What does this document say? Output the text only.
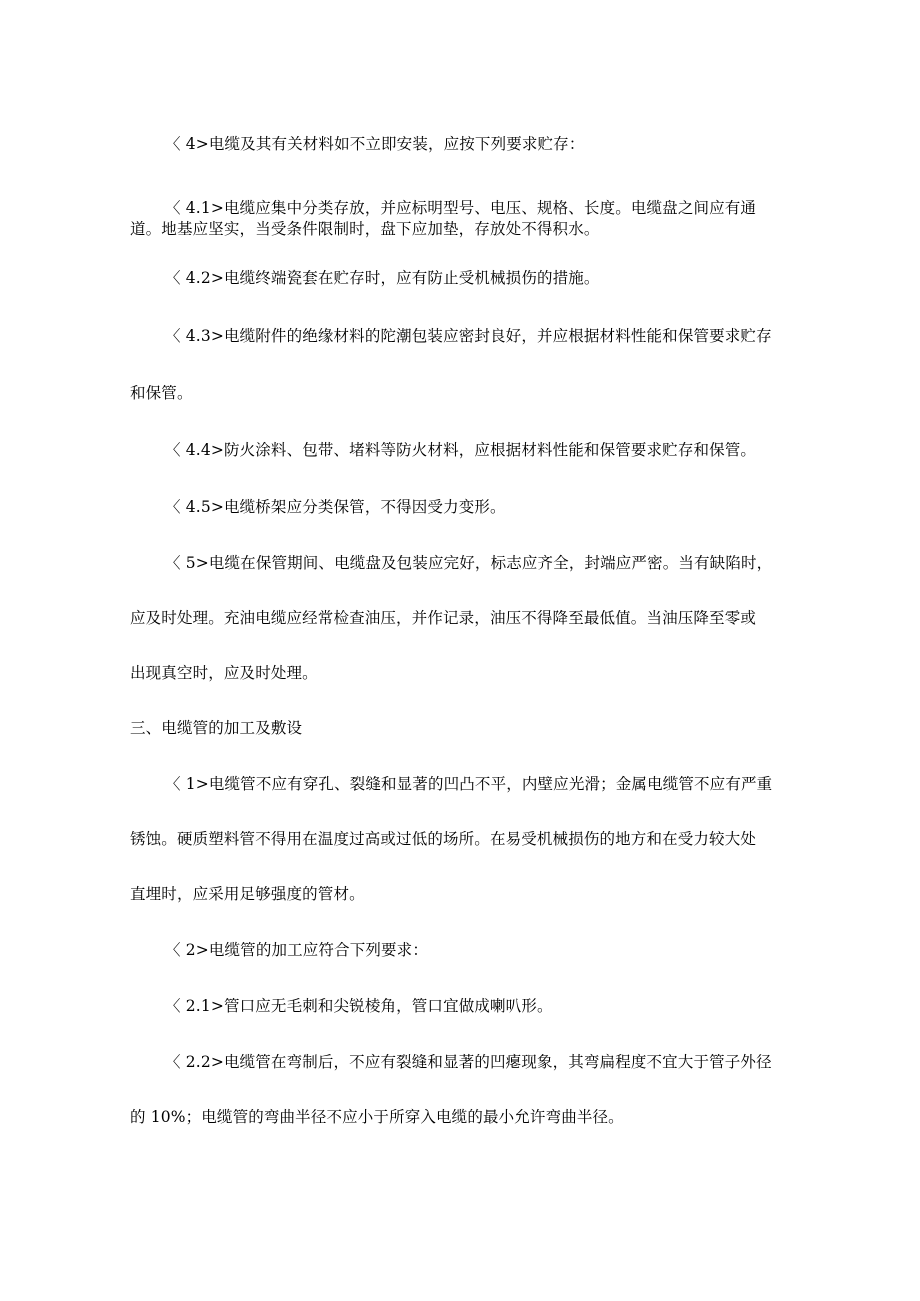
〈 4>电缆及其有关材料如不立即安装，应按下列要求贮存：
〈 4.1>电缆应集中分类存放，并应标明型号、电压、规格、长度。电缆盘之间应有通
道。地基应坚实，当受条件限制时，盘下应加垫，存放处不得积水。
〈 4.2>电缆终端瓷套在贮存时，应有防止受机械损伤的措施。
〈 4.3>电缆附件的绝缘材料的陀潮包装应密封良好，并应根据材料性能和保管要求贮存
和保管。
〈 4.4>防火涂料、包带、堵料等防火材料，应根据材料性能和保管要求贮存和保管。
〈 4.5>电缆桥架应分类保管，不得因受力变形。
〈 5>电缆在保管期间、电缆盘及包装应完好，标志应齐全，封端应严密。当有缺陷时，
应及时处理。充油电缆应经常检查油压，并作记录，油压不得降至最低值。当油压降至零或
出现真空时，应及时处理。
三、电缆管的加工及敷设
〈 1>电缆管不应有穿孔、裂缝和显著的凹凸不平，内壁应光滑；金属电缆管不应有严重
锈蚀。硬质塑料管不得用在温度过高或过低的场所。在易受机械损伤的地方和在受力较大处
直埋时，应采用足够强度的管材。
〈 2>电缆管的加工应符合下列要求：
〈 2.1>管口应无毛刺和尖锐棱角，管口宜做成喇叭形。
〈 2.2>电缆管在弯制后，不应有裂缝和显著的凹瘪现象，其弯扁程度不宜大于管子外径
的 10%；电缆管的弯曲半径不应小于所穿入电缆的最小允许弯曲半径。
